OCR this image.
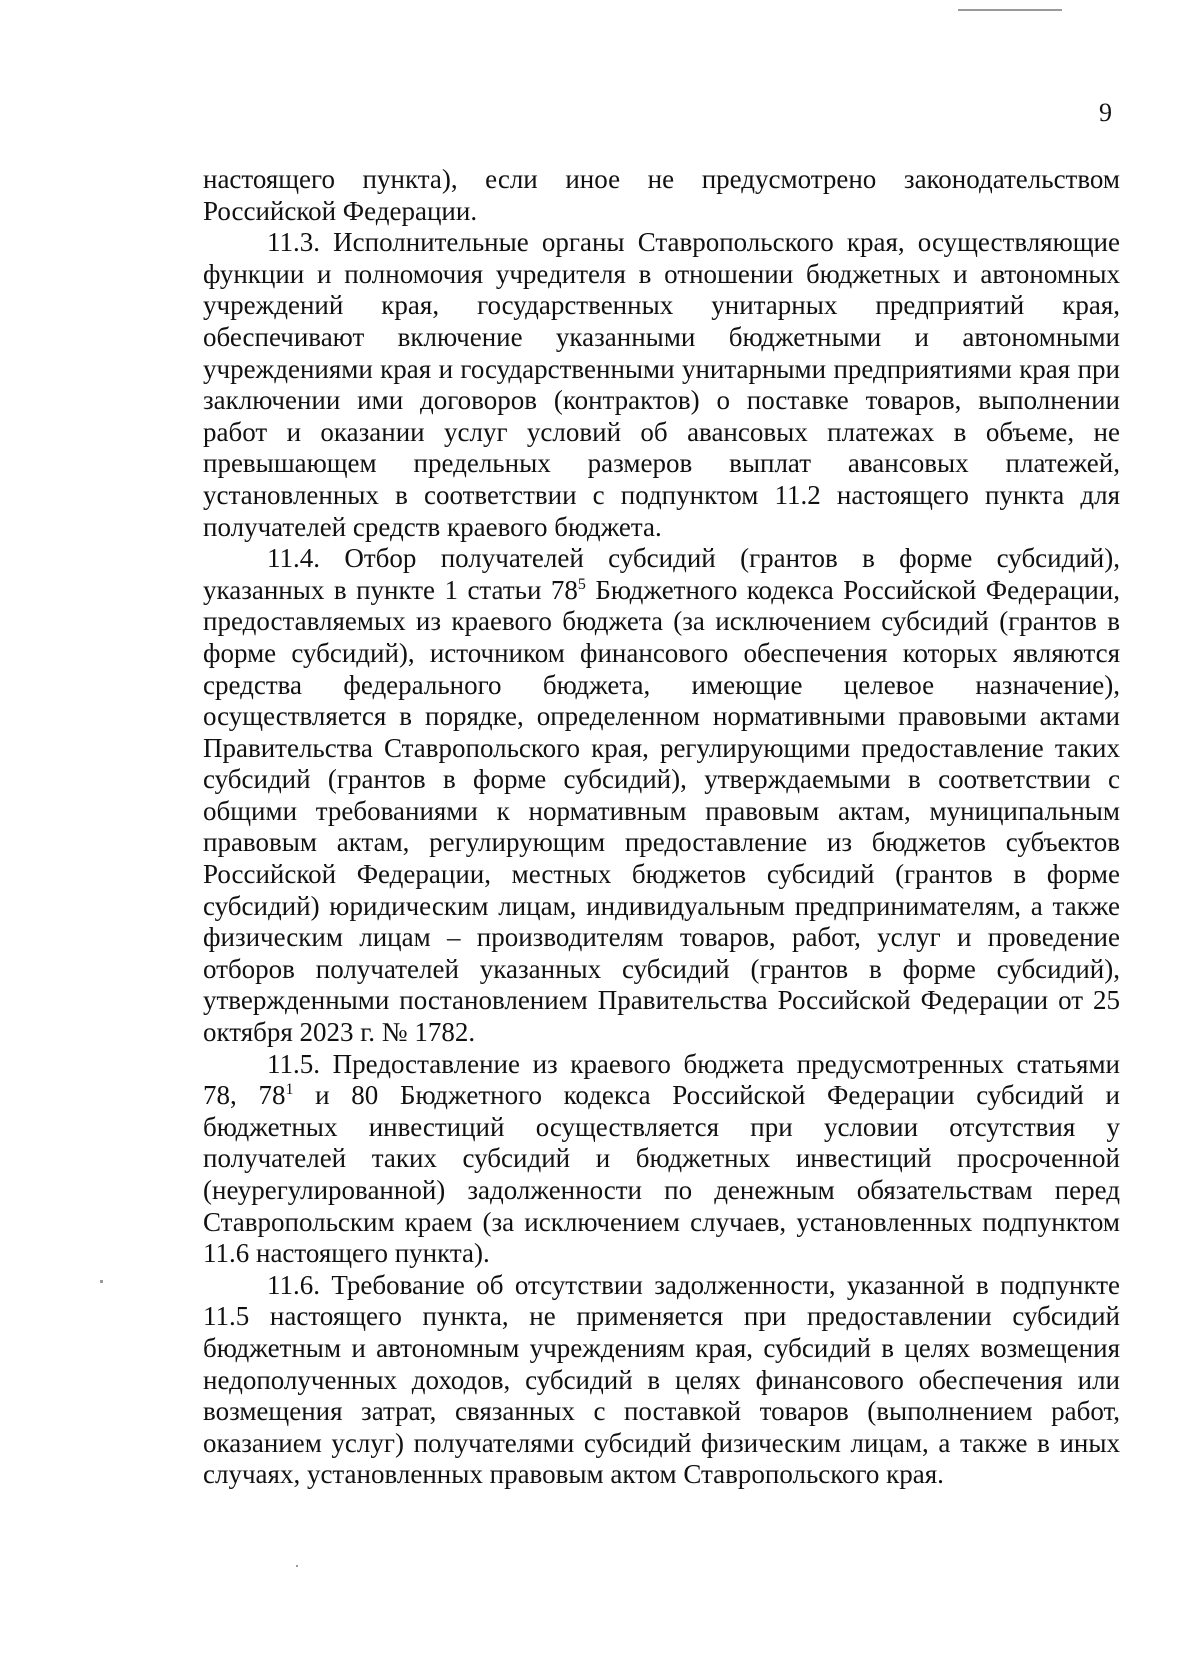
9

настоящего пункта), если иное не предусмотрено законодательством Российской Федерации.

11.3. Исполнительные органы Ставропольского края, осуществляющие функции и полномочия учредителя в отношении бюджетных и автономных учреждений края, государственных унитарных предприятий края, обеспечивают включение указанными бюджетными и автономными учреждениями края и государственными унитарными предприятиями края при заключении ими договоров (контрактов) о поставке товаров, выполнении работ и оказании услуг условий об авансовых платежах в объеме, не превышающем предельных размеров выплат авансовых платежей, установленных в соответствии с подпунктом 11.2 настоящего пункта для получателей средств краевого бюджета.

11.4. Отбор получателей субсидий (грантов в форме субсидий), указанных в пункте 1 статьи $78^5$ Бюджетного кодекса Российской Федерации, предоставляемых из краевого бюджета (за исключением субсидий (грантов в форме субсидий), источником финансового обеспечения которых являются средства федерального бюджета, имеющие целевое назначение), осуществляется в порядке, определенном нормативными правовыми актами Правительства Ставропольского края, регулирующими предоставление таких субсидий (грантов в форме субсидий), утверждаемыми в соответствии с общими требованиями к нормативным правовым актам, муниципальным правовым актам, регулирующим предоставление из бюджетов субъектов Российской Федерации, местных бюджетов субсидий (грантов в форме субсидий) юридическим лицам, индивидуальным предпринимателям, а также физическим лицам – производителям товаров, работ, услуг и проведение отборов получателей указанных субсидий (грантов в форме субсидий), утвержденными постановлением Правительства Российской Федерации от 25 октября 2023 г. № 1782.

11.5. Предоставление из краевого бюджета предусмотренных статьями 78, $78^1$ и 80 Бюджетного кодекса Российской Федерации субсидий и бюджетных инвестиций осуществляется при условии отсутствия у получателей таких субсидий и бюджетных инвестиций просроченной (неурегулированной) задолженности по денежным обязательствам перед Ставропольским краем (за исключением случаев, установленных подпунктом 11.6 настоящего пункта).

11.6. Требование об отсутствии задолженности, указанной в подпункте 11.5 настоящего пункта, не применяется при предоставлении субсидий бюджетным и автономным учреждениям края, субсидий в целях возмещения недополученных доходов, субсидий в целях финансового обеспечения или возмещения затрат, связанных с поставкой товаров (выполнением работ, оказанием услуг) получателями субсидий физическим лицам, а также в иных случаях, установленных правовым актом Ставропольского края.
